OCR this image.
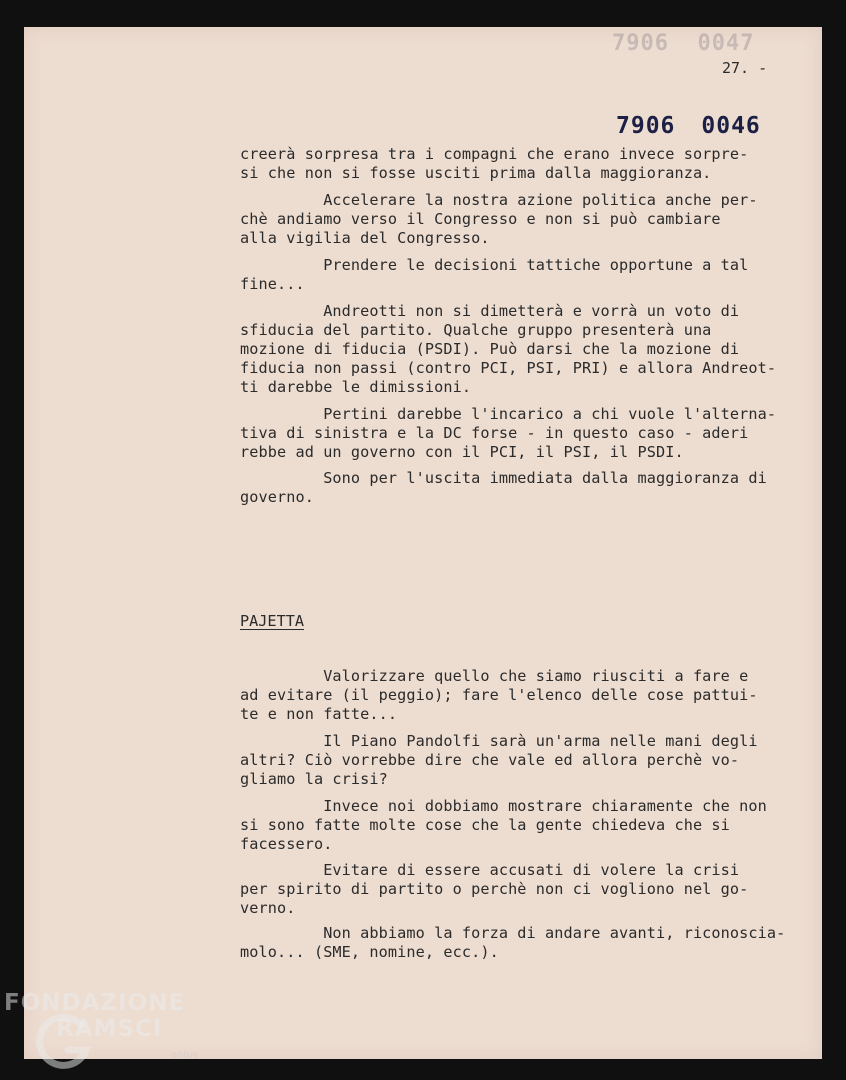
7906  0047
27. -
7906 0046
creerà sorpresa tra i compagni che erano invece sorpre-
si che non si fosse usciti prima dalla maggioranza.
Accelerare la nostra azione politica anche per-
chè andiamo verso il Congresso e non si può cambiare
alla vigilia del Congresso.
Prendere le decisioni tattiche opportune a tal
fine...
Andreotti non si dimetterà e vorrà un voto di
sfiducia del partito. Qualche gruppo presenterà una
mozione di fiducia (PSDI). Può darsi che la mozione di
fiducia non passi (contro PCI, PSI, PRI) e allora Andreot-
ti darebbe le dimissioni.
Pertini darebbe l'incarico a chi vuole l'alterna-
tiva di sinistra e la DC forse - in questo caso - aderi
rebbe ad un governo con il PCI, il PSI, il PSDI.
Sono per l'uscita immediata dalla maggioranza di
governo.
PAJETTA
Valorizzare quello che siamo riusciti a fare e
ad evitare (il peggio); fare l'elenco delle cose pattui-
te e non fatte...
Il Piano Pandolfi sarà un'arma nelle mani degli
altri? Ciò vorrebbe dire che vale ed allora perchè vo-
gliamo la crisi?
Invece noi dobbiamo mostrare chiaramente che non
si sono fatte molte cose che la gente chiedeva che si
facessero.
Evitare di essere accusati di volere la crisi
per spirito di partito o perchè non ci vogliono nel go-
verno.
Non abbiamo la forza di andare avanti, riconoscia-
molo... (SME, nomine, ecc.).
FONDAZIONE
RAMSCI
onlus
